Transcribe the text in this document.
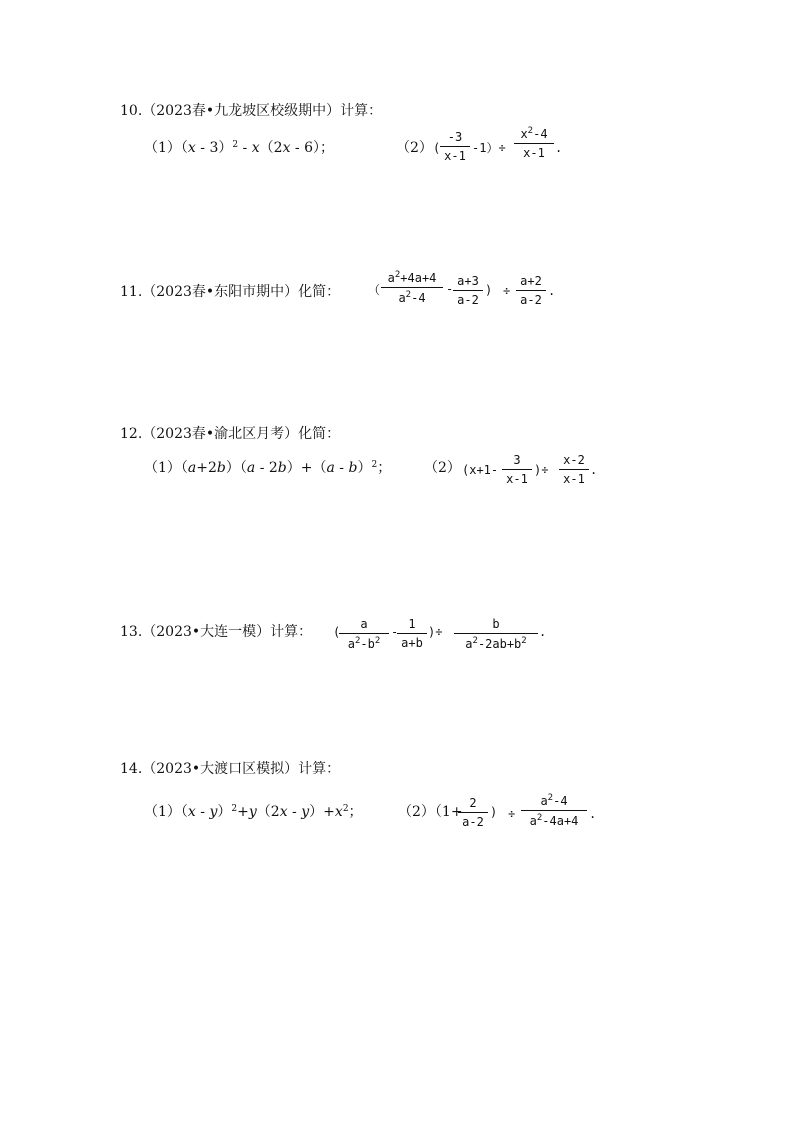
10.（2023春•九龙坡区校级期中）计算：
（1）（x - 3）$^2$ - x（2x - 6）；	（2） (
-3
x-1
-1）÷
$x^2-4$
x-1 .
11.（2023春•东阳市期中）化简： （
$a^2+4a+4$
$a^2-4$
-
a+3
a-2
) ÷
a+2
a-2
.
12.（2023春•渝北区月考）化简：
（1）（a+2b）（a - 2b）+（a - b）$^2$； （2） (x+1-
3
x-1
)÷
x-2
x-1
.
13.（2023•大连一模）计算： (
a
$a^2-b^2$
-
1
a+b
)÷
b
$a^2-2ab+b^2$
.
14.（2023•大渡口区模拟）计算：
$(1)(x - y)^2+y(2x - y)+x^2$；	（2）（1+
2
a-2
) ÷
$a^2-4$
$a^2-4a+4$
.
